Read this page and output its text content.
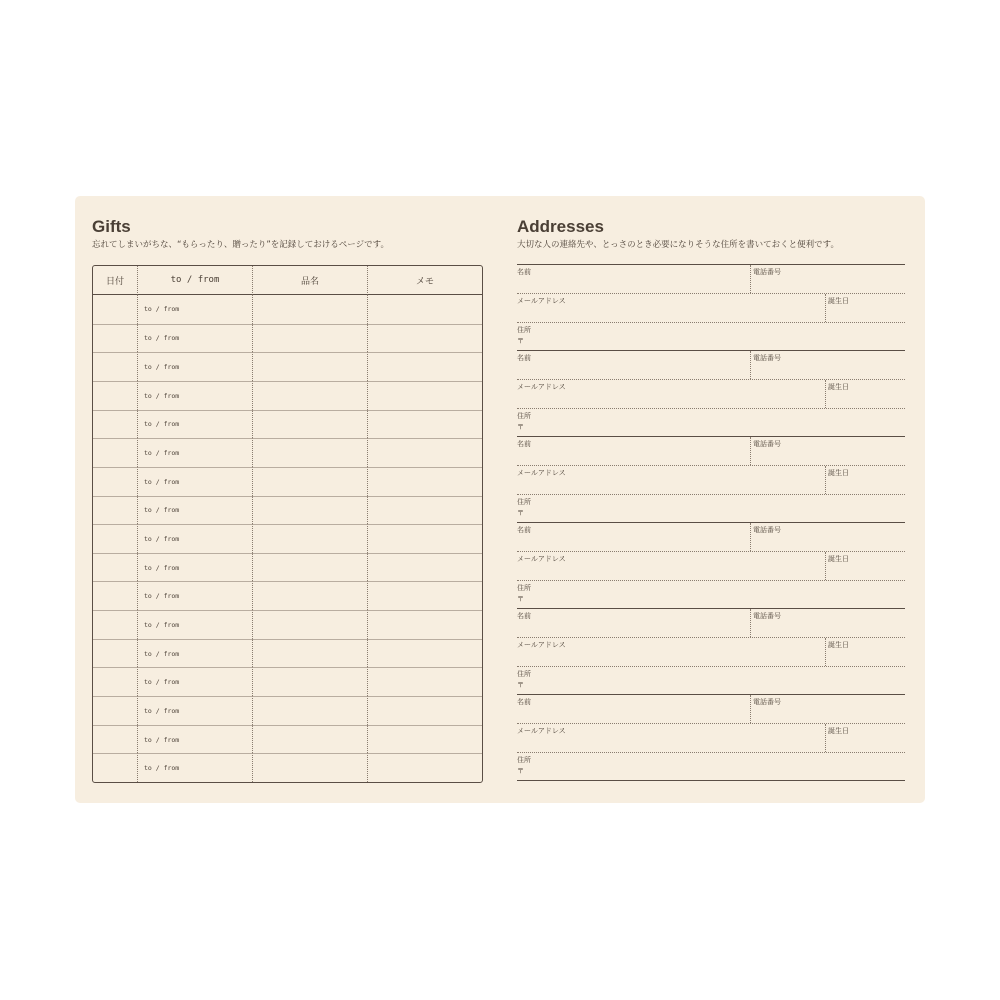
Gifts

忘れてしまいがちな、“もらったり、贈ったり”を記録しておけるページです。

日付	to / from	品名	メモ
to / from
to / from
to / from
to / from
to / from
to / from
to / from
to / from
to / from
to / from
to / from
to / from
to / from
to / from
to / from
to / from
to / from
Addresses

大切な人の連絡先や、とっさのとき必要になりそうな住所を書いておくと便利です。

名前	電話番号
メールアドレス	誕生日
住所
〒
名前	電話番号
メールアドレス	誕生日
住所
〒
名前	電話番号
メールアドレス	誕生日
住所
〒
名前	電話番号
メールアドレス	誕生日
住所
〒
名前	電話番号
メールアドレス	誕生日
住所
〒
名前	電話番号
メールアドレス	誕生日
住所
〒
